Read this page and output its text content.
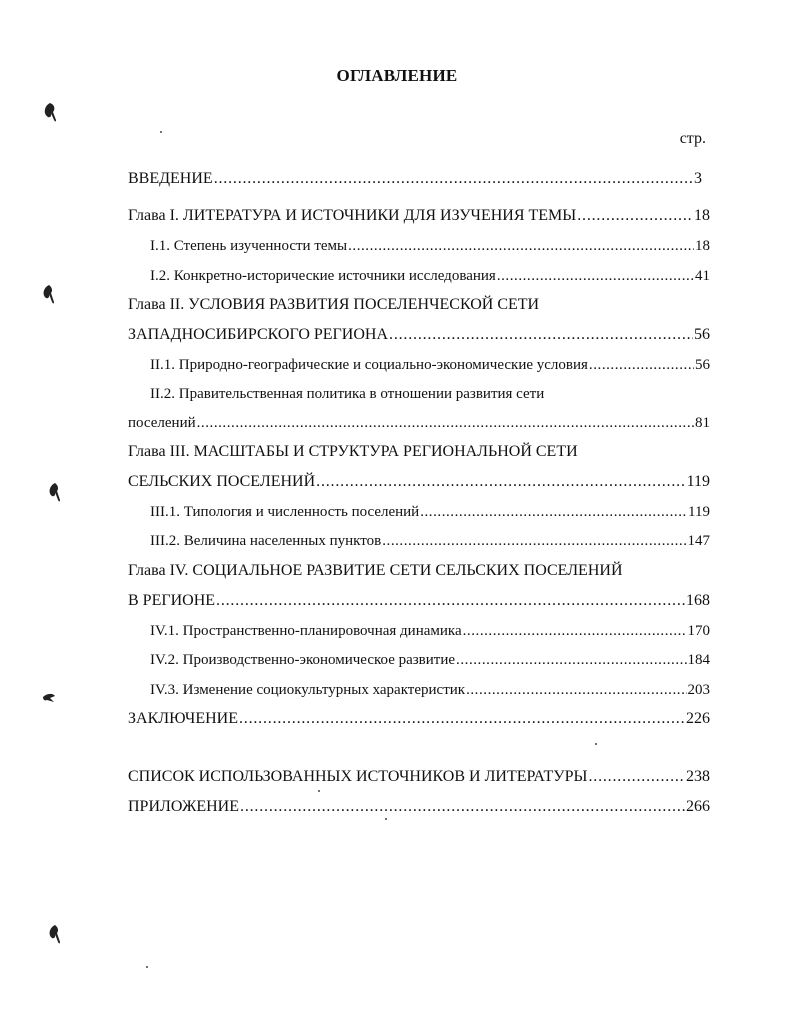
ОГЛАВЛЕНИЕ
стр.
ВВЕДЕНИЕ . . .	3
Глава I. ЛИТЕРАТУРА И ИСТОЧНИКИ ДЛЯ ИЗУЧЕНИЯ ТЕМЫ . . .	18
I.1. Степень изученности темы . . .	18
I.2. Конкретно-исторические источники исследования . . .	41
Глава II. УСЛОВИЯ РАЗВИТИЯ ПОСЕЛЕНЧЕСКОЙ СЕТИ
ЗАПАДНОСИБИРСКОГО РЕГИОНА . . .	56
II.1. Природно-географические и социально-экономические условия . . .	56
II.2. Правительственная политика в отношении развития сети
поселений . . .	81
Глава III. МАСШТАБЫ И СТРУКТУРА РЕГИОНАЛЬНОЙ СЕТИ
СЕЛЬСКИХ ПОСЕЛЕНИЙ . . .	119
III.1. Типология и численность поселений . . .	119
III.2. Величина населенных пунктов . . .	147
Глава IV. СОЦИАЛЬНОЕ РАЗВИТИЕ СЕТИ СЕЛЬСКИХ ПОСЕЛЕНИЙ
В РЕГИОНЕ . . .	168
IV.1. Пространственно-планировочная динамика . . .	170
IV.2. Производственно-экономическое развитие . . .	184
IV.3. Изменение социокультурных характеристик . . .	203
ЗАКЛЮЧЕНИЕ . . .	226
СПИСОК ИСПОЛЬЗОВАННЫХ ИСТОЧНИКОВ И ЛИТЕРАТУРЫ . . .	238
ПРИЛОЖЕНИЕ . . .	266
